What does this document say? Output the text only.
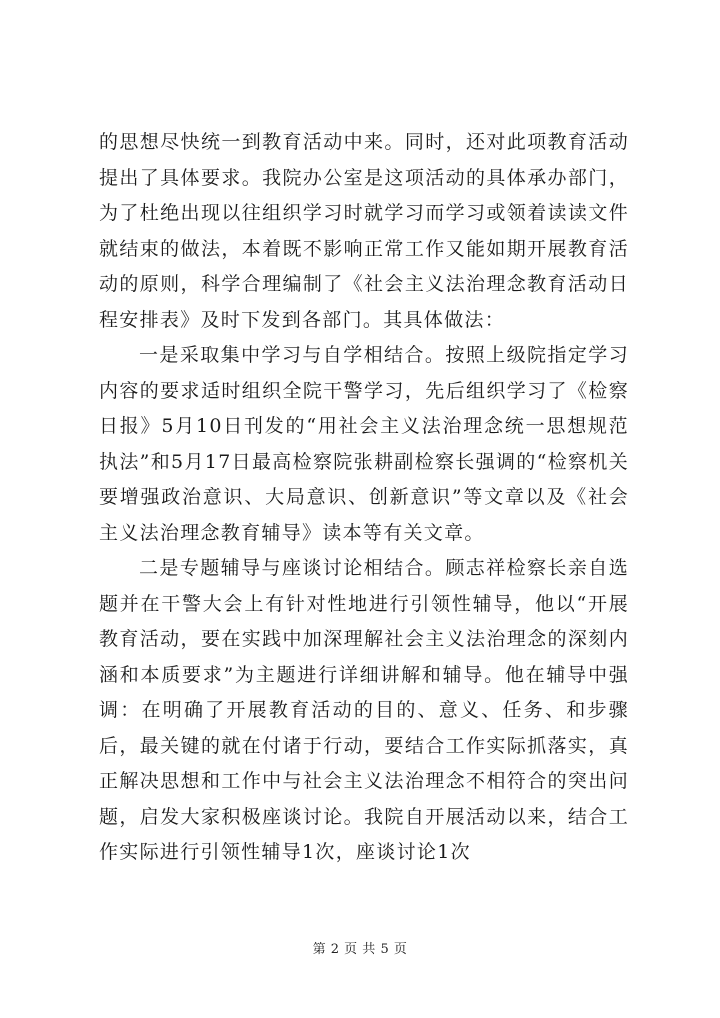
的思想尽快统一到教育活动中来。同时，还对此项教育活动提出了具体要求。我院办公室是这项活动的具体承办部门，为了杜绝出现以往组织学习时就学习而学习或领着读读文件就结束的做法，本着既不影响正常工作又能如期开展教育活动的原则，科学合理编制了《社会主义法治理念教育活动日程安排表》及时下发到各部门。其具体做法：

一是采取集中学习与自学相结合。按照上级院指定学习内容的要求适时组织全院干警学习，先后组织学习了《检察日报》5月10日刊发的“用社会主义法治理念统一思想规范执法”和5月17日最高检察院张耕副检察长强调的“检察机关要增强政治意识、大局意识、创新意识”等文章以及《社会主义法治理念教育辅导》读本等有关文章。

二是专题辅导与座谈讨论相结合。顾志祥检察长亲自选题并在干警大会上有针对性地进行引领性辅导，他以“开展教育活动，要在实践中加深理解社会主义法治理念的深刻内涵和本质要求”为主题进行详细讲解和辅导。他在辅导中强调：在明确了开展教育活动的目的、意义、任务、和步骤后，最关键的就在付诸于行动，要结合工作实际抓落实，真正解决思想和工作中与社会主义法治理念不相符合的突出问题，启发大家积极座谈讨论。我院自开展活动以来，结合工作实际进行引领性辅导1次，座谈讨论1次

第 2 页 共 5 页
